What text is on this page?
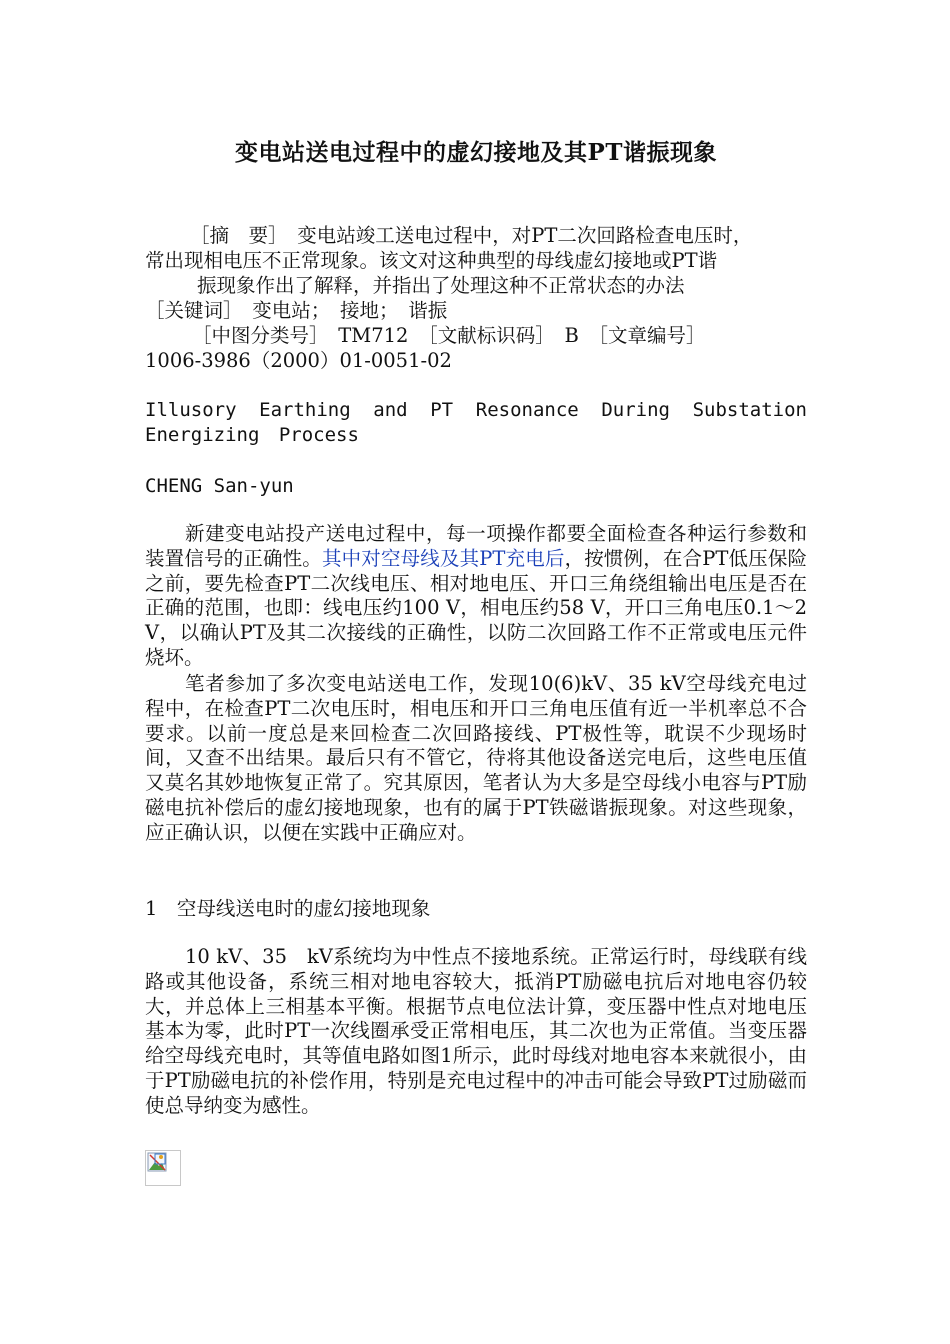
变电站送电过程中的虚幻接地及其PT谐振现象
［摘　要］　变电站竣工送电过程中，对PT二次回路检查电压时，
常出现相电压不正常现象。该文对这种典型的母线虚幻接地或PT谐
振现象作出了解释，并指出了处理这种不正常状态的办法
［关键词］　变电站；　接地；　谐振
［中图分类号］　TM712　［文献标识码］　B　［文章编号］
1006-3986（2000）01-0051-02
Illusory Earthing and PT Resonance During Substation Energizing Process
CHENG San-yun

新建变电站投产送电过程中，每一项操作都要全面检查各种运行参数和装置信号的正确性。其中对空母线及其PT充电后，按惯例，在合PT低压保险之前，要先检查PT二次线电压、相对地电压、开口三角绕组输出电压是否在正确的范围，也即：线电压约100 V，相电压约58 V，开口三角电压0.1～2　V，以确认PT及其二次接线的正确性，以防二次回路工作不正常或电压元件烧坏。

笔者参加了多次变电站送电工作，发现10(6)kV、35 kV空母线充电过程中，在检查PT二次电压时，相电压和开口三角电压值有近一半机率总不合要求。以前一度总是来回检查二次回路接线、PT极性等，耽误不少现场时间，又查不出结果。最后只有不管它，待将其他设备送完电后，这些电压值又莫名其妙地恢复正常了。究其原因，笔者认为大多是空母线小电容与PT励磁电抗补偿后的虚幻接地现象，也有的属于PT铁磁谐振现象。对这些现象，应正确认识，以便在实践中正确应对。

1　空母线送电时的虚幻接地现象

10 kV、35　kV系统均为中性点不接地系统。正常运行时，母线联有线路或其他设备，系统三相对地电容较大，抵消PT励磁电抗后对地电容仍较大，并总体上三相基本平衡。根据节点电位法计算，变压器中性点对地电压基本为零，此时PT一次线圈承受正常相电压，其二次也为正常值。当变压器给空母线充电时，其等值电路如图1所示，此时母线对地电容本来就很小，由于PT励磁电抗的补偿作用，特别是充电过程中的冲击可能会导致PT过励磁而使总导纳变为感性。
